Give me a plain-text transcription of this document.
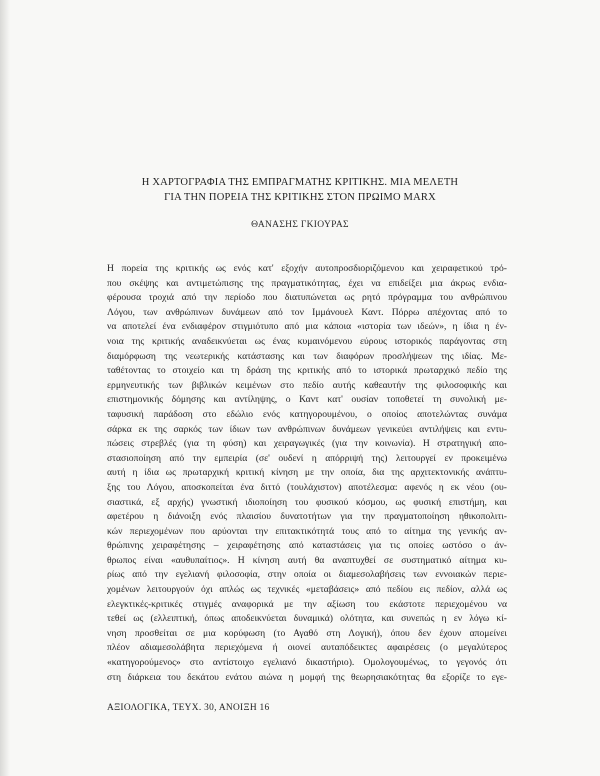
Η ΧΑΡΤΟΓΡΑΦΙΑ ΤΗΣ ΕΜΠΡΑΓΜΑΤΗΣ ΚΡΙΤΙΚΗΣ. ΜΙΑ ΜΕΛΕΤΗ
ΓΙΑ ΤΗΝ ΠΟΡΕΙΑ ΤΗΣ ΚΡΙΤΙΚΗΣ ΣΤΟΝ ΠΡΩΙΜΟ MARX
ΘΑΝΑΣΗΣ ΓΚΙΟΥΡΑΣ
Η πορεία της κριτικής ως ενός κατ' εξοχήν αυτοπροσδιοριζόμενου και χειραφετικού τρό-
που σκέψης και αντιμετώπισης της πραγματικότητας, έχει να επιδείξει μια άκρως ενδια-
φέρουσα τροχιά από την περίοδο που διατυπώνεται ως ρητό πρόγραμμα του ανθρώπινου
Λόγου, των ανθρώπινων δυνάμεων από τον Ιμμάνουελ Καντ. Πόρρω απέχοντας από το
να αποτελεί ένα ενδιαφέρον στιγμιότυπο από μια κάποια «ιστορία των ιδεών», η ίδια η έν-
νοια της κριτικής αναδεικνύεται ως ένας κυμαινόμενου εύρους ιστορικός παράγοντας στη
διαμόρφωση της νεωτερικής κατάστασης και των διαφόρων προσλήψεων της ιδίας. Με-
ταθέτοντας το στοιχείο και τη δράση της κριτικής από το ιστορικά πρωταρχικό πεδίο της
ερμηνευτικής των βιβλικών κειμένων στο πεδίο αυτής καθεαυτήν της φιλοσοφικής και
επιστημονικής δόμησης και αντίληψης, ο Καντ κατ' ουσίαν τοποθετεί τη συνολική με-
ταφυσική παράδοση στο εδώλιο ενός κατηγορουμένου, ο οποίος αποτελώντας συνάμα
σάρκα εκ της σαρκός των ίδιων των ανθρώπινων δυνάμεων γενικεύει αντιλήψεις και εντυ-
πώσεις στρεβλές (για τη φύση) και χειραγωγικές (για την κοινωνία). Η στρατηγική απο-
στασιοποίηση από την εμπειρία (σε' ουδενί η απόρριψή της) λειτουργεί εν προκειμένω
αυτή η ίδια ως πρωταρχική κριτική κίνηση με την οποία, δια της αρχιτεκτονικής ανάπτυ-
ξης του Λόγου, αποσκοπείται ένα διττό (τουλάχιστον) αποτέλεσμα: αφενός η εκ νέου (ου-
σιαστικά, εξ αρχής) γνωστική ιδιοποίηση του φυσικού κόσμου, ως φυσική επιστήμη, και
αφετέρου η διάνοιξη ενός πλαισίου δυνατοτήτων για την πραγματοποίηση ηθικοπολιτι-
κών περιεχομένων που αρύονται την επιτακτικότητά τους από το αίτημα της γενικής αν-
θρώπινης χειραφέτησης – χειραφέτησης από καταστάσεις για τις οποίες ωστόσο ο άν-
θρωπος είναι «αυθυπαίτιος». Η κίνηση αυτή θα αναπτυχθεί σε συστηματικό αίτημα κυ-
ρίως από την εγελιανή φιλοσοφία, στην οποία οι διαμεσολαβήσεις των εννοιακών περιε-
χομένων λειτουργούν όχι απλώς ως τεχνικές «μεταβάσεις» από πεδίου εις πεδίον, αλλά ως
ελεγκτικές-κριτικές στιγμές αναφορικά με την αξίωση του εκάστοτε περιεχομένου να
τεθεί ως (ελλειπτική, όπως αποδεικνύεται δυναμικά) ολότητα, και συνεπώς η εν λόγω κί-
νηση προσθείται σε μια κορύφωση (το Αγαθό στη Λογική), όπου δεν έχουν απομείνει
πλέον αδιαμεσολάβητα περιεχόμενα ή οιονεί αυταπόδεικτες αφαιρέσεις (ο μεγαλύτερος
«κατηγορούμενος» στο αντίστοιχο εγελιανό δικαστήριο). Ομολογουμένως, το γεγονός ότι
στη διάρκεια του δεκάτου ενάτου αιώνα η μομφή της θεωρησιακότητας θα εξορίζε το εγε-
ΑΞΙΟΛΟΓΙΚΑ, ΤΕΥΧ. 30, ΑΝΟΙΞΗ 16
